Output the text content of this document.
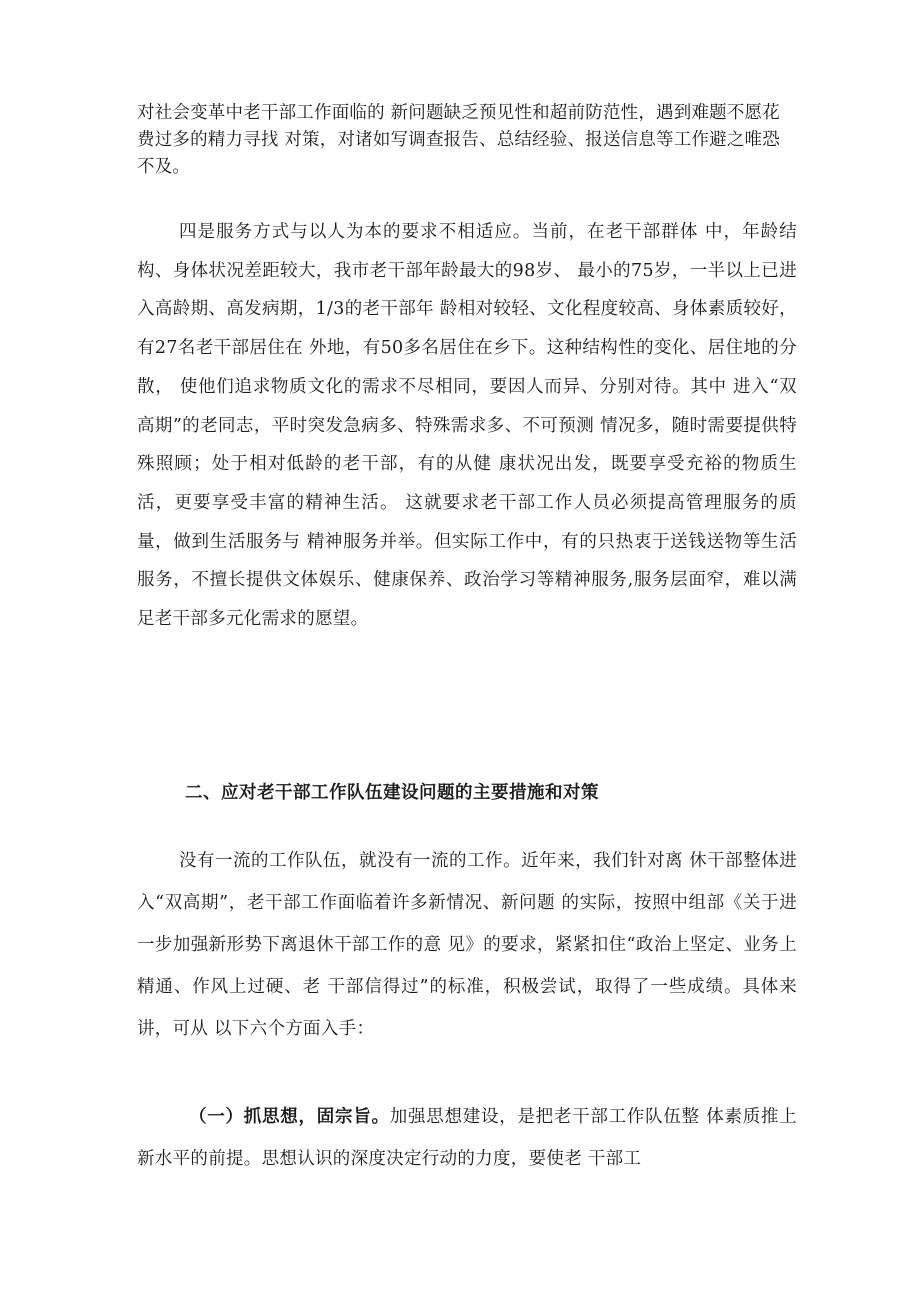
对社会变革中老干部工作面临的 新问题缺乏预见性和超前防范性，遇到难题不愿花费过多的精力寻找 对策，对诸如写调查报告、总结经验、报送信息等工作避之唯恐不及。

四是服务方式与以人为本的要求不相适应。当前，在老干部群体 中，年龄结构、身体状况差距较大，我市老干部年龄最大的98岁、 最小的75岁，一半以上已进入高龄期、高发病期，1/3的老干部年 龄相对较轻、文化程度较高、身体素质较好，有27名老干部居住在 外地，有50多名居住在乡下。这种结构性的变化、居住地的分散， 使他们追求物质文化的需求不尽相同，要因人而异、分别对待。其中 进入“双高期”的老同志，平时突发急病多、特殊需求多、不可预测 情况多，随时需要提供特殊照顾；处于相对低龄的老干部，有的从健 康状况出发，既要享受充裕的物质生活，更要享受丰富的精神生活。 这就要求老干部工作人员必须提高管理服务的质量，做到生活服务与 精神服务并举。但实际工作中，有的只热衷于送钱送物等生活服务，不擅长提供文体娱乐、健康保养、政治学习等精神服务,服务层面窄，难以满足老干部多元化需求的愿望。

二、应对老干部工作队伍建设问题的主要措施和对策

没有一流的工作队伍，就没有一流的工作。近年来，我们针对离 休干部整体进入“双高期”，老干部工作面临着许多新情况、新问题 的实际，按照中组部《关于进一步加强新形势下离退休干部工作的意 见》的要求，紧紧扣住“政治上坚定、业务上精通、作风上过硬、老 干部信得过”的标准，积极尝试，取得了一些成绩。具体来讲，可从 以下六个方面入手：

（一）抓思想，固宗旨。加强思想建设，是把老干部工作队伍整 体素质推上新水平的前提。思想认识的深度决定行动的力度，要使老 干部工
